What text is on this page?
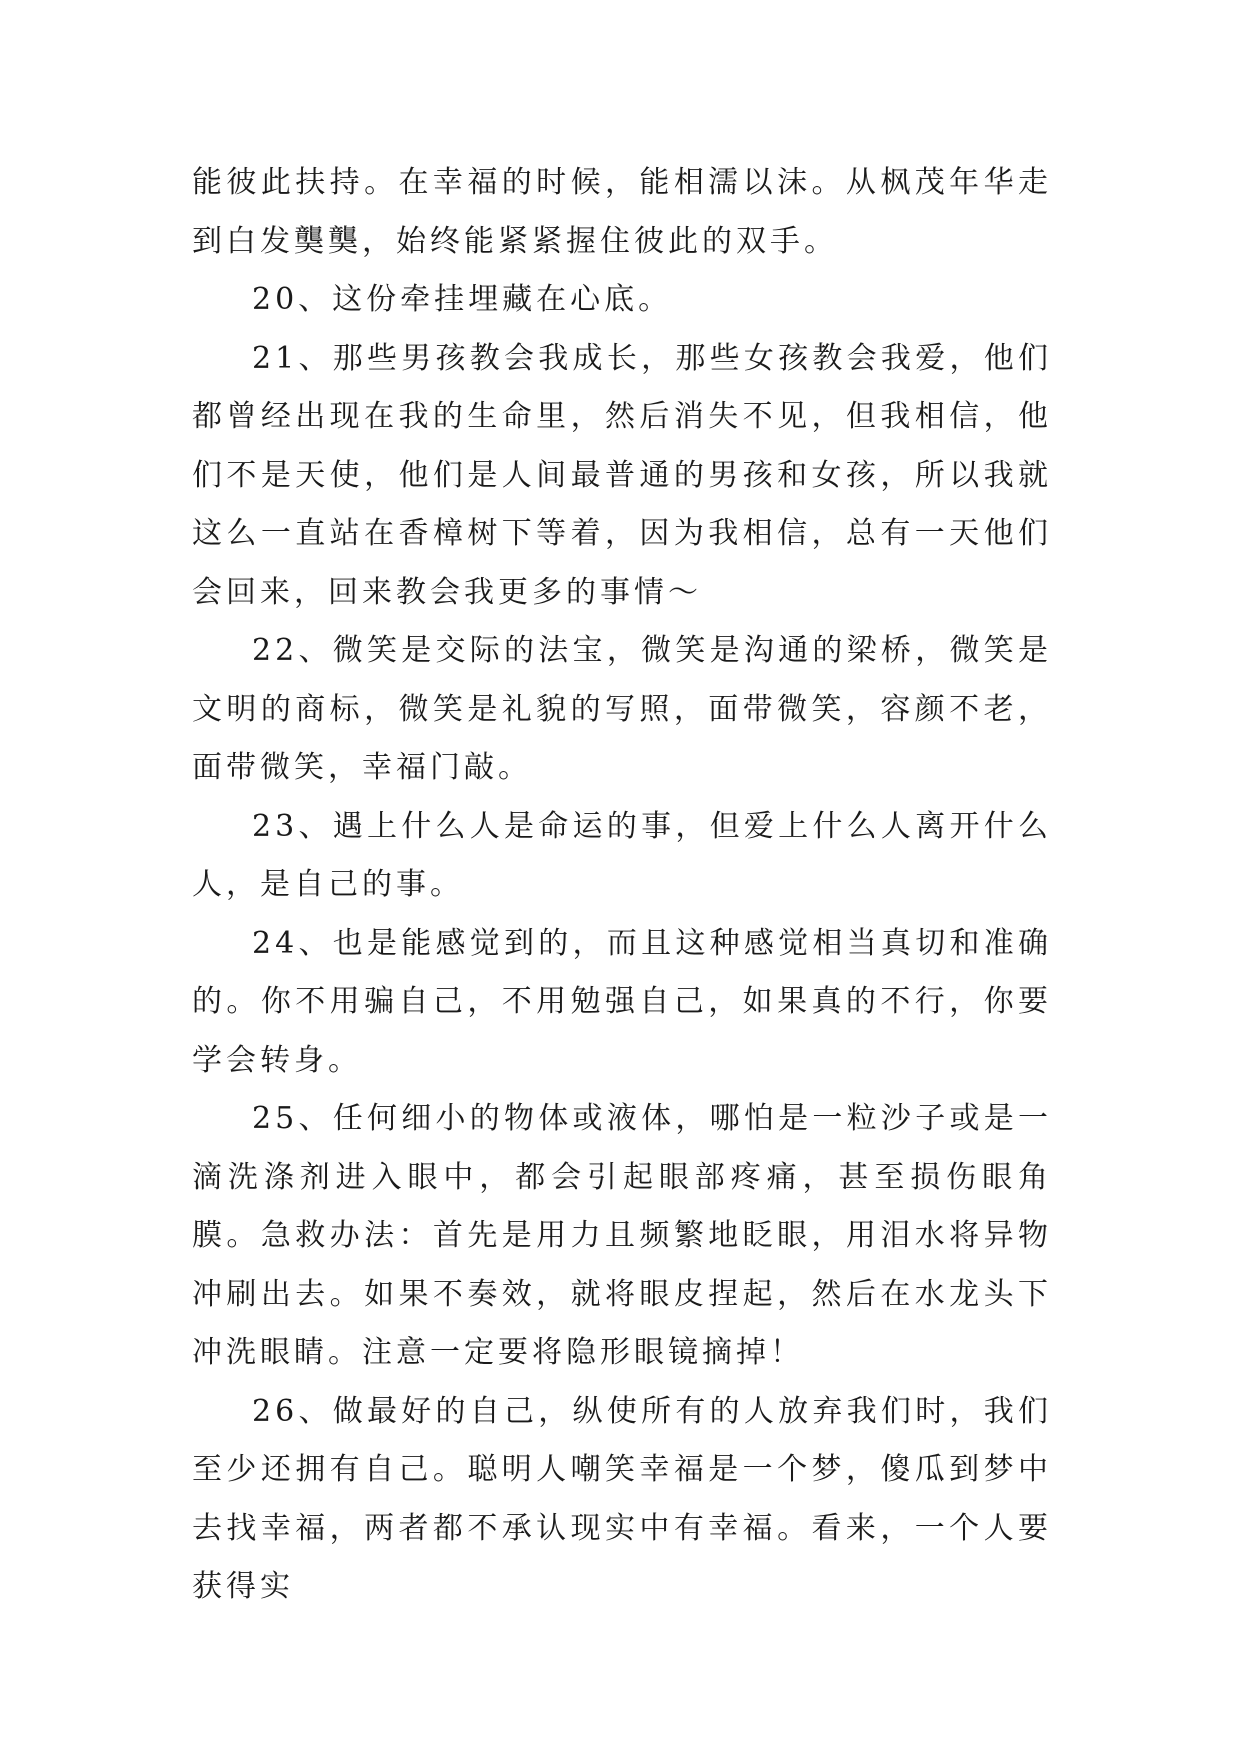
能彼此扶持。在幸福的时候，能相濡以沫。从枫茂年华走到白发龑龑，始终能紧紧握住彼此的双手。

20、这份牵挂埋藏在心底。

21、那些男孩教会我成长，那些女孩教会我爱，他们都曾经出现在我的生命里，然后消失不见，但我相信，他们不是天使，他们是人间最普通的男孩和女孩，所以我就这么一直站在香樟树下等着，因为我相信，总有一天他们会回来，回来教会我更多的事情～

22、微笑是交际的法宝，微笑是沟通的梁桥，微笑是文明的商标，微笑是礼貌的写照，面带微笑，容颜不老，面带微笑，幸福门敲。

23、遇上什么人是命运的事，但爱上什么人离开什么人，是自己的事。

24、也是能感觉到的，而且这种感觉相当真切和准确的。你不用骗自己，不用勉强自己，如果真的不行，你要学会转身。

25、任何细小的物体或液体，哪怕是一粒沙子或是一滴洗涤剂进入眼中，都会引起眼部疼痛，甚至损伤眼角膜。急救办法：首先是用力且频繁地眨眼，用泪水将异物冲刷出去。如果不奏效，就将眼皮捏起，然后在水龙头下冲洗眼睛。注意一定要将隐形眼镜摘掉！

26、做最好的自己，纵使所有的人放弃我们时，我们至少还拥有自己。聪明人嘲笑幸福是一个梦，傻瓜到梦中去找幸福，两者都不承认现实中有幸福。看来，一个人要获得实
